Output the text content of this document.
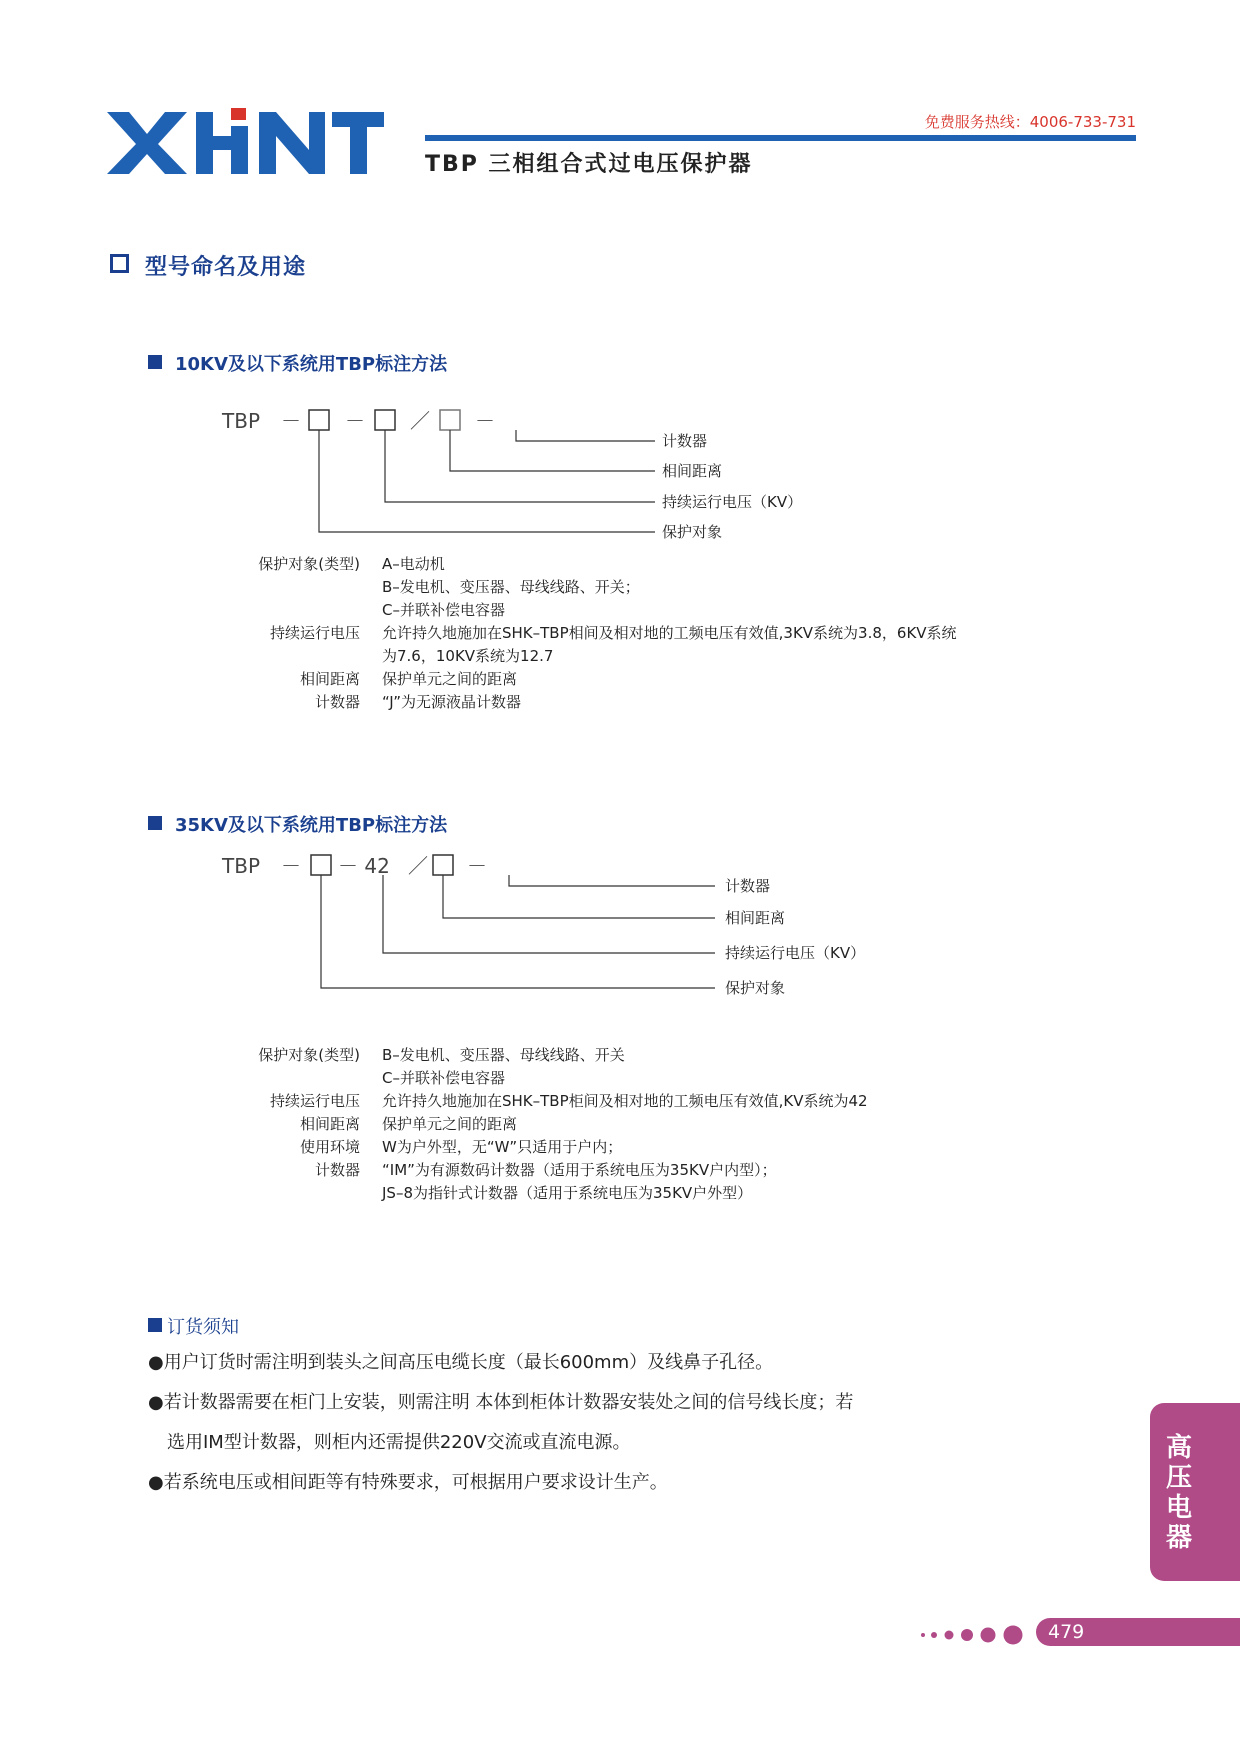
免费服务热线：4006-733-731
TBP 三相组合式过电压保护器
型号命名及用途
10KV及以下系统用TBP标注方法
TBP － － ／ －
计数器
相间距离
持续运行电压（KV）
保护对象
保护对象(类型)	A–电动机
B–发电机、变压器、母线线路、开关；
C–并联补偿电容器
持续运行电压	允许持久地施加在SHK–TBP相间及相对地的工频电压有效值,3KV系统为3.8，6KV系统
为7.6，10KV系统为12.7
相间距离	保护单元之间的距离
计数器	“J”为无源液晶计数器
35KV及以下系统用TBP标注方法
TBP － － 42 ／ －
计数器
相间距离
持续运行电压（KV）
保护对象
保护对象(类型)	B–发电机、变压器、母线线路、开关
C–并联补偿电容器
持续运行电压	允许持久地施加在SHK–TBP柜间及相对地的工频电压有效值,KV系统为42
相间距离	保护单元之间的距离
使用环境	W为户外型，无“W”只适用于户内；
计数器	“IM”为有源数码计数器（适用于系统电压为35KV户内型）；
JS–8为指针式计数器（适用于系统电压为35KV户外型）
订货须知

●用户订货时需注明到装头之间高压电缆长度（最长600mm）及线鼻子孔径。

●若计数器需要在柜门上安装，则需注明 本体到柜体计数器安装处之间的信号线长度；若

选用IM型计数器，则柜内还需提供220V交流或直流电源。

●若系统电压或相间距等有特殊要求，可根据用户要求设计生产。

高
压
电
器
479
